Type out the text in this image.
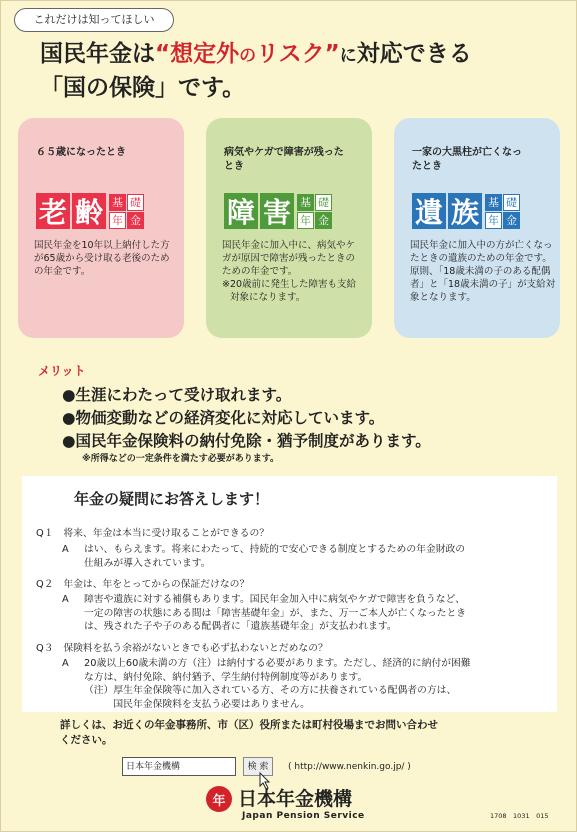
これだけは知ってほしい
国民年金は“想定外のリスク”に対応できる
「国の保険」です。
６５歳になったとき
老 齢 基 礎
年 金
国民年金を10年以上納付した方が65歳から受け取る老後のための年金です。
病気やケガで障害が残ったとき
障 害 基 礎
年 金
国民年金に加入中に、病気やケガが原因で障害が残ったときのための年金です。
※20歳前に発生した障害も支給対象になります。
一家の大黒柱が亡くなったとき
遺 族 基 礎
年 金
国民年金に加入中の方が亡くなったときの遺族のための年金です。
原則、「18歳未満の子のある配偶者」と「18歳未満の子」が支給対象となります。
メリット
●生涯にわたって受け取れます。
●物価変動などの経済変化に対応しています。
●国民年金保険料の納付免除・猶予制度があります。
※所得などの一定条件を満たす必要があります。
年金の疑問にお答えします！
Q１　 将来、年金は本当に受け取ることができるの？
A はい、もらえます。将来にわたって、持続的で安心できる制度とするための年金財政の
仕組みが導入されています。
Q２　 年金は、年をとってからの保証だけなの？
A 障害や遺族に対する補償もあります。国民年金加入中に病気やケガで障害を負うなど、
一定の障害の状態にある間は「障害基礎年金」が、また、万一ご本人が亡くなったとき
は、残された子や子のある配偶者に「遺族基礎年金」が支払われます。
Q３　 保険料を払う余裕がないときでも必ず払わないとだめなの？
A 20歳以上60歳未満の方（注）は納付する必要があります。ただし、経済的に納付が困難
な方は、納付免除、納付猶予、学生納付特例制度等があります。
（注）厚生年金保険等に加入されている方、その方に扶養されている配偶者の方は、
　　　国民年金保険料を支払う必要はありません。
詳しくは、お近くの年金事務所、市（区）役所または町村役場までお問い合わせ
ください。
日本年金機構	検 索	( http://www.nenkin.go.jp/ )
年 日本年金機構
Japan Pension Service	1708　1031　015
